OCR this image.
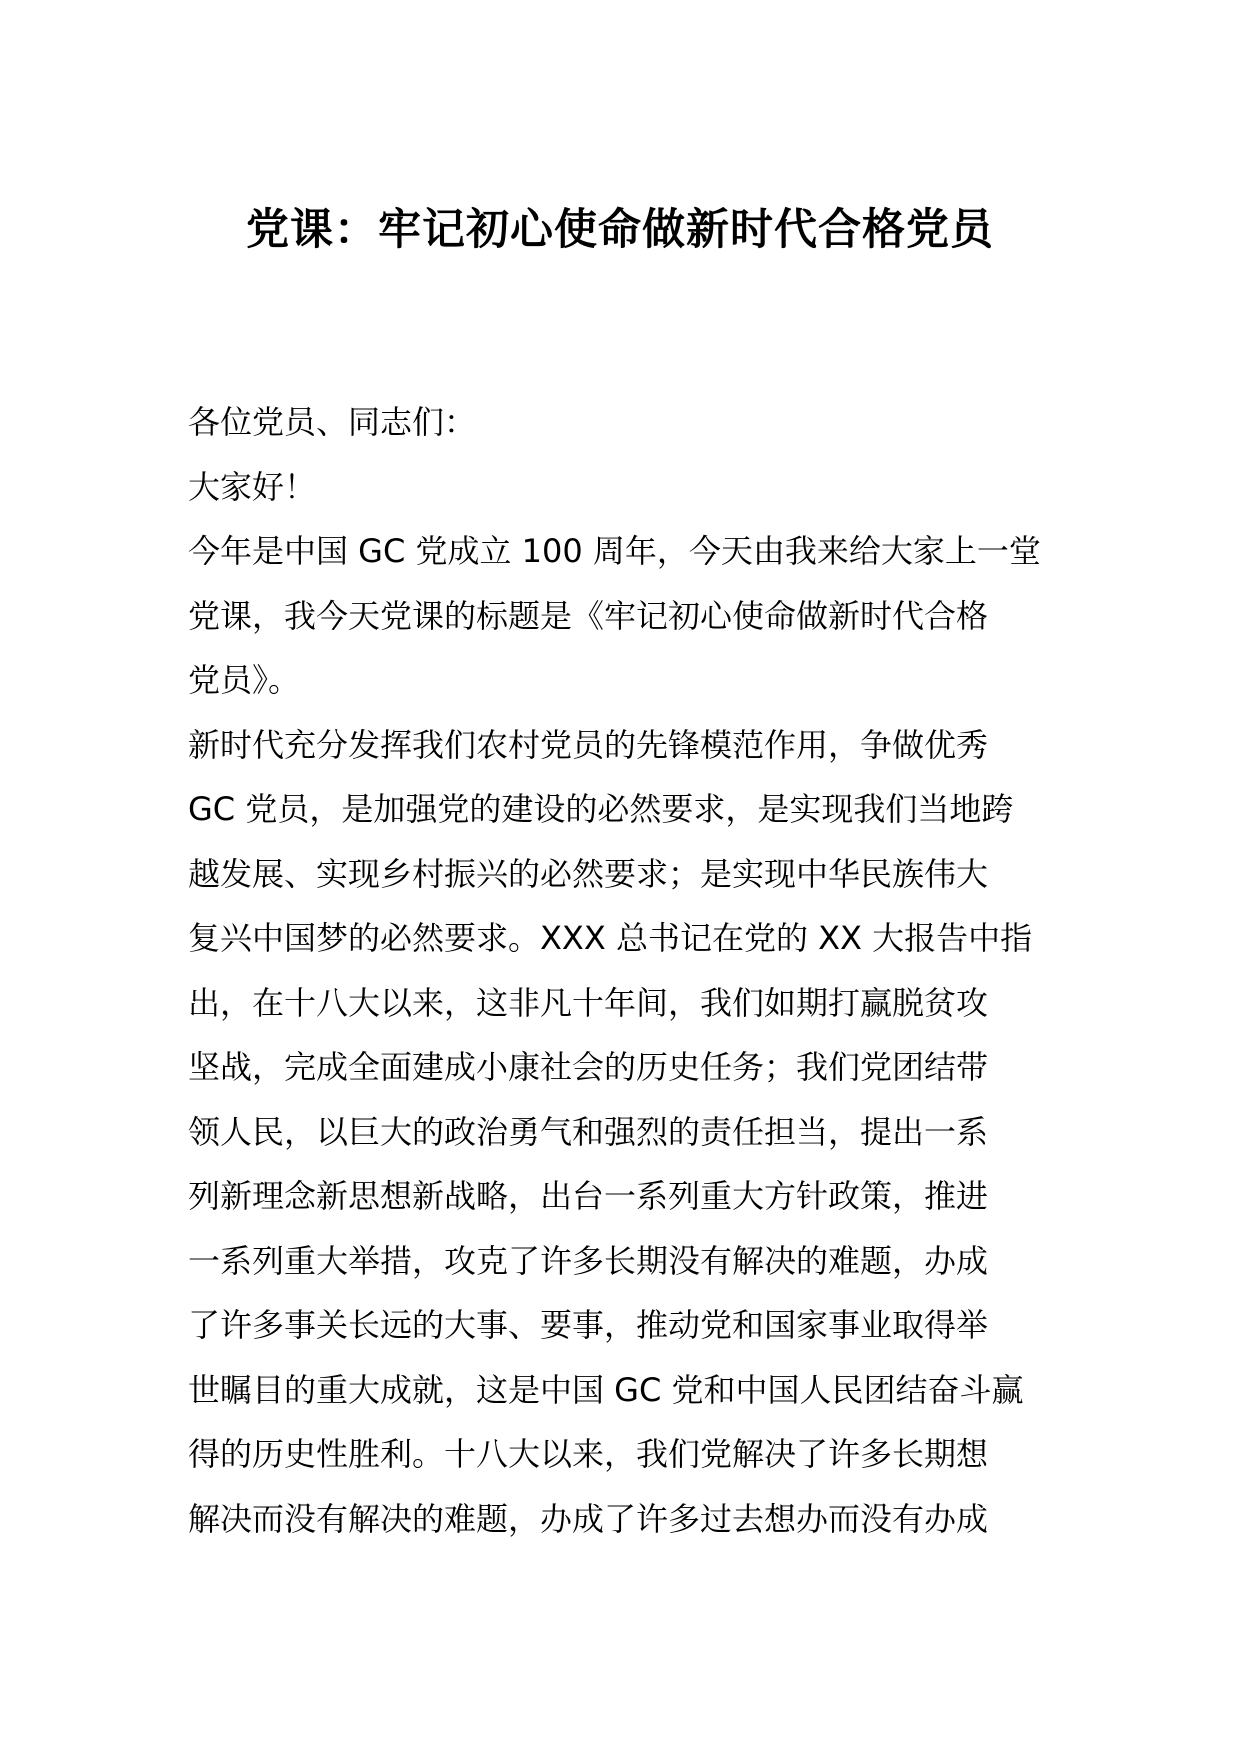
党课：牢记初心使命做新时代合格党员
各位党员、同志们：
大家好！
今年是中国 GC 党成立 100 周年，今天由我来给大家上一堂
党课，我今天党课的标题是《牢记初心使命做新时代合格
党员》。
新时代充分发挥我们农村党员的先锋模范作用，争做优秀
GC 党员，是加强党的建设的必然要求，是实现我们当地跨
越发展、实现乡村振兴的必然要求；是实现中华民族伟大
复兴中国梦的必然要求。XXX 总书记在党的 XX 大报告中指
出，在十八大以来，这非凡十年间，我们如期打赢脱贫攻
坚战，完成全面建成小康社会的历史任务；我们党团结带
领人民，以巨大的政治勇气和强烈的责任担当，提出一系
列新理念新思想新战略，出台一系列重大方针政策，推进
一系列重大举措，攻克了许多长期没有解决的难题，办成
了许多事关长远的大事、要事，推动党和国家事业取得举
世瞩目的重大成就，这是中国 GC 党和中国人民团结奋斗赢
得的历史性胜利。十八大以来，我们党解决了许多长期想
解决而没有解决的难题，办成了许多过去想办而没有办成
